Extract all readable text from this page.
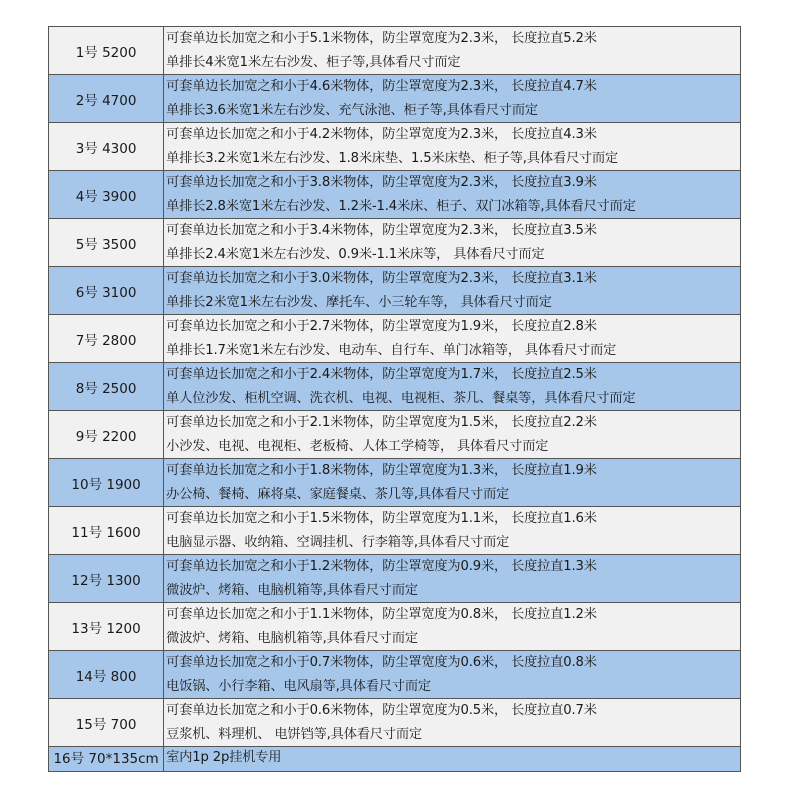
1号 5200	可套单边长加宽之和小于5.1米物体，防尘罩宽度为2.3米， 长度拉直5.2米
单排长4米宽1米左右沙发、柜子等,具体看尺寸而定

2号 4700	可套单边长加宽之和小于4.6米物体，防尘罩宽度为2.3米， 长度拉直4.7米
单排长3.6米宽1米左右沙发、充气泳池、柜子等,具体看尺寸而定

3号 4300	可套单边长加宽之和小于4.2米物体，防尘罩宽度为2.3米， 长度拉直4.3米
单排长3.2米宽1米左右沙发、1.8米床垫、1.5米床垫、柜子等,具体看尺寸而定

4号 3900	可套单边长加宽之和小于3.8米物体，防尘罩宽度为2.3米， 长度拉直3.9米
单排长2.8米宽1米左右沙发、1.2米-1.4米床、柜子、双门冰箱等,具体看尺寸而定

5号 3500	可套单边长加宽之和小于3.4米物体，防尘罩宽度为2.3米， 长度拉直3.5米
单排长2.4米宽1米左右沙发、0.9米-1.1米床等， 具体看尺寸而定

6号 3100	可套单边长加宽之和小于3.0米物体，防尘罩宽度为2.3米， 长度拉直3.1米
单排长2米宽1米左右沙发、摩托车、小三轮车等， 具体看尺寸而定

7号 2800	可套单边长加宽之和小于2.7米物体，防尘罩宽度为1.9米， 长度拉直2.8米
单排长1.7米宽1米左右沙发、电动车、自行车、单门冰箱等， 具体看尺寸而定

8号 2500	可套单边长加宽之和小于2.4米物体，防尘罩宽度为1.7米， 长度拉直2.5米
单人位沙发、柜机空调、洗衣机、电视、电视柜、茶几、餐桌等，具体看尺寸而定

9号 2200	可套单边长加宽之和小于2.1米物体，防尘罩宽度为1.5米， 长度拉直2.2米
小沙发、电视、电视柜、老板椅、人体工学椅等， 具体看尺寸而定

10号 1900	可套单边长加宽之和小于1.8米物体，防尘罩宽度为1.3米， 长度拉直1.9米
办公椅、餐椅、麻将桌、家庭餐桌、茶几等,具体看尺寸而定

11号 1600	可套单边长加宽之和小于1.5米物体，防尘罩宽度为1.1米， 长度拉直1.6米
电脑显示器、收纳箱、空调挂机、行李箱等,具体看尺寸而定

12号 1300	可套单边长加宽之和小于1.2米物体，防尘罩宽度为0.9米， 长度拉直1.3米
微波炉、烤箱、电脑机箱等,具体看尺寸而定

13号 1200	可套单边长加宽之和小于1.1米物体，防尘罩宽度为0.8米， 长度拉直1.2米
微波炉、烤箱、电脑机箱等,具体看尺寸而定

14号 800	可套单边长加宽之和小于0.7米物体，防尘罩宽度为0.6米， 长度拉直0.8米
电饭锅、小行李箱、电风扇等,具体看尺寸而定

15号 700	可套单边长加宽之和小于0.6米物体，防尘罩宽度为0.5米， 长度拉直0.7米
豆浆机、料理机、 电饼铛等,具体看尺寸而定

16号 70*135cm	室内1p 2p挂机专用
